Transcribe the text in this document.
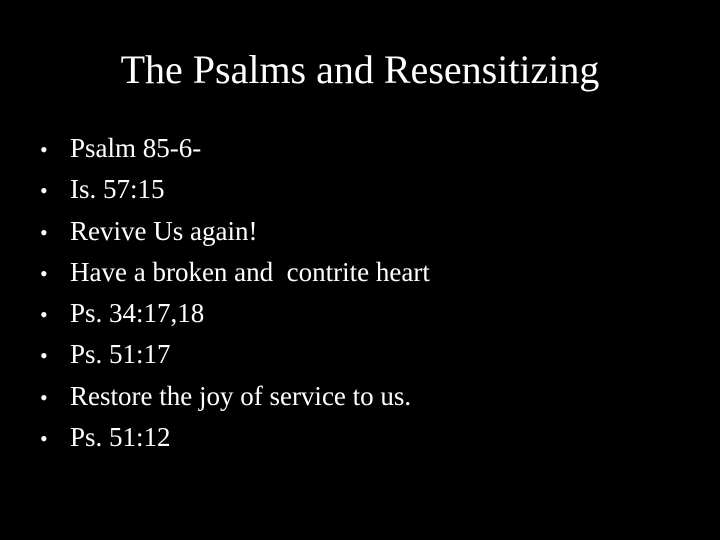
The Psalms and Resensitizing
• Psalm 85-6-
• Is. 57:15
• Revive Us again!
• Have a broken and  contrite heart
• Ps. 34:17,18
• Ps. 51:17
• Restore the joy of service to us.
• Ps. 51:12
